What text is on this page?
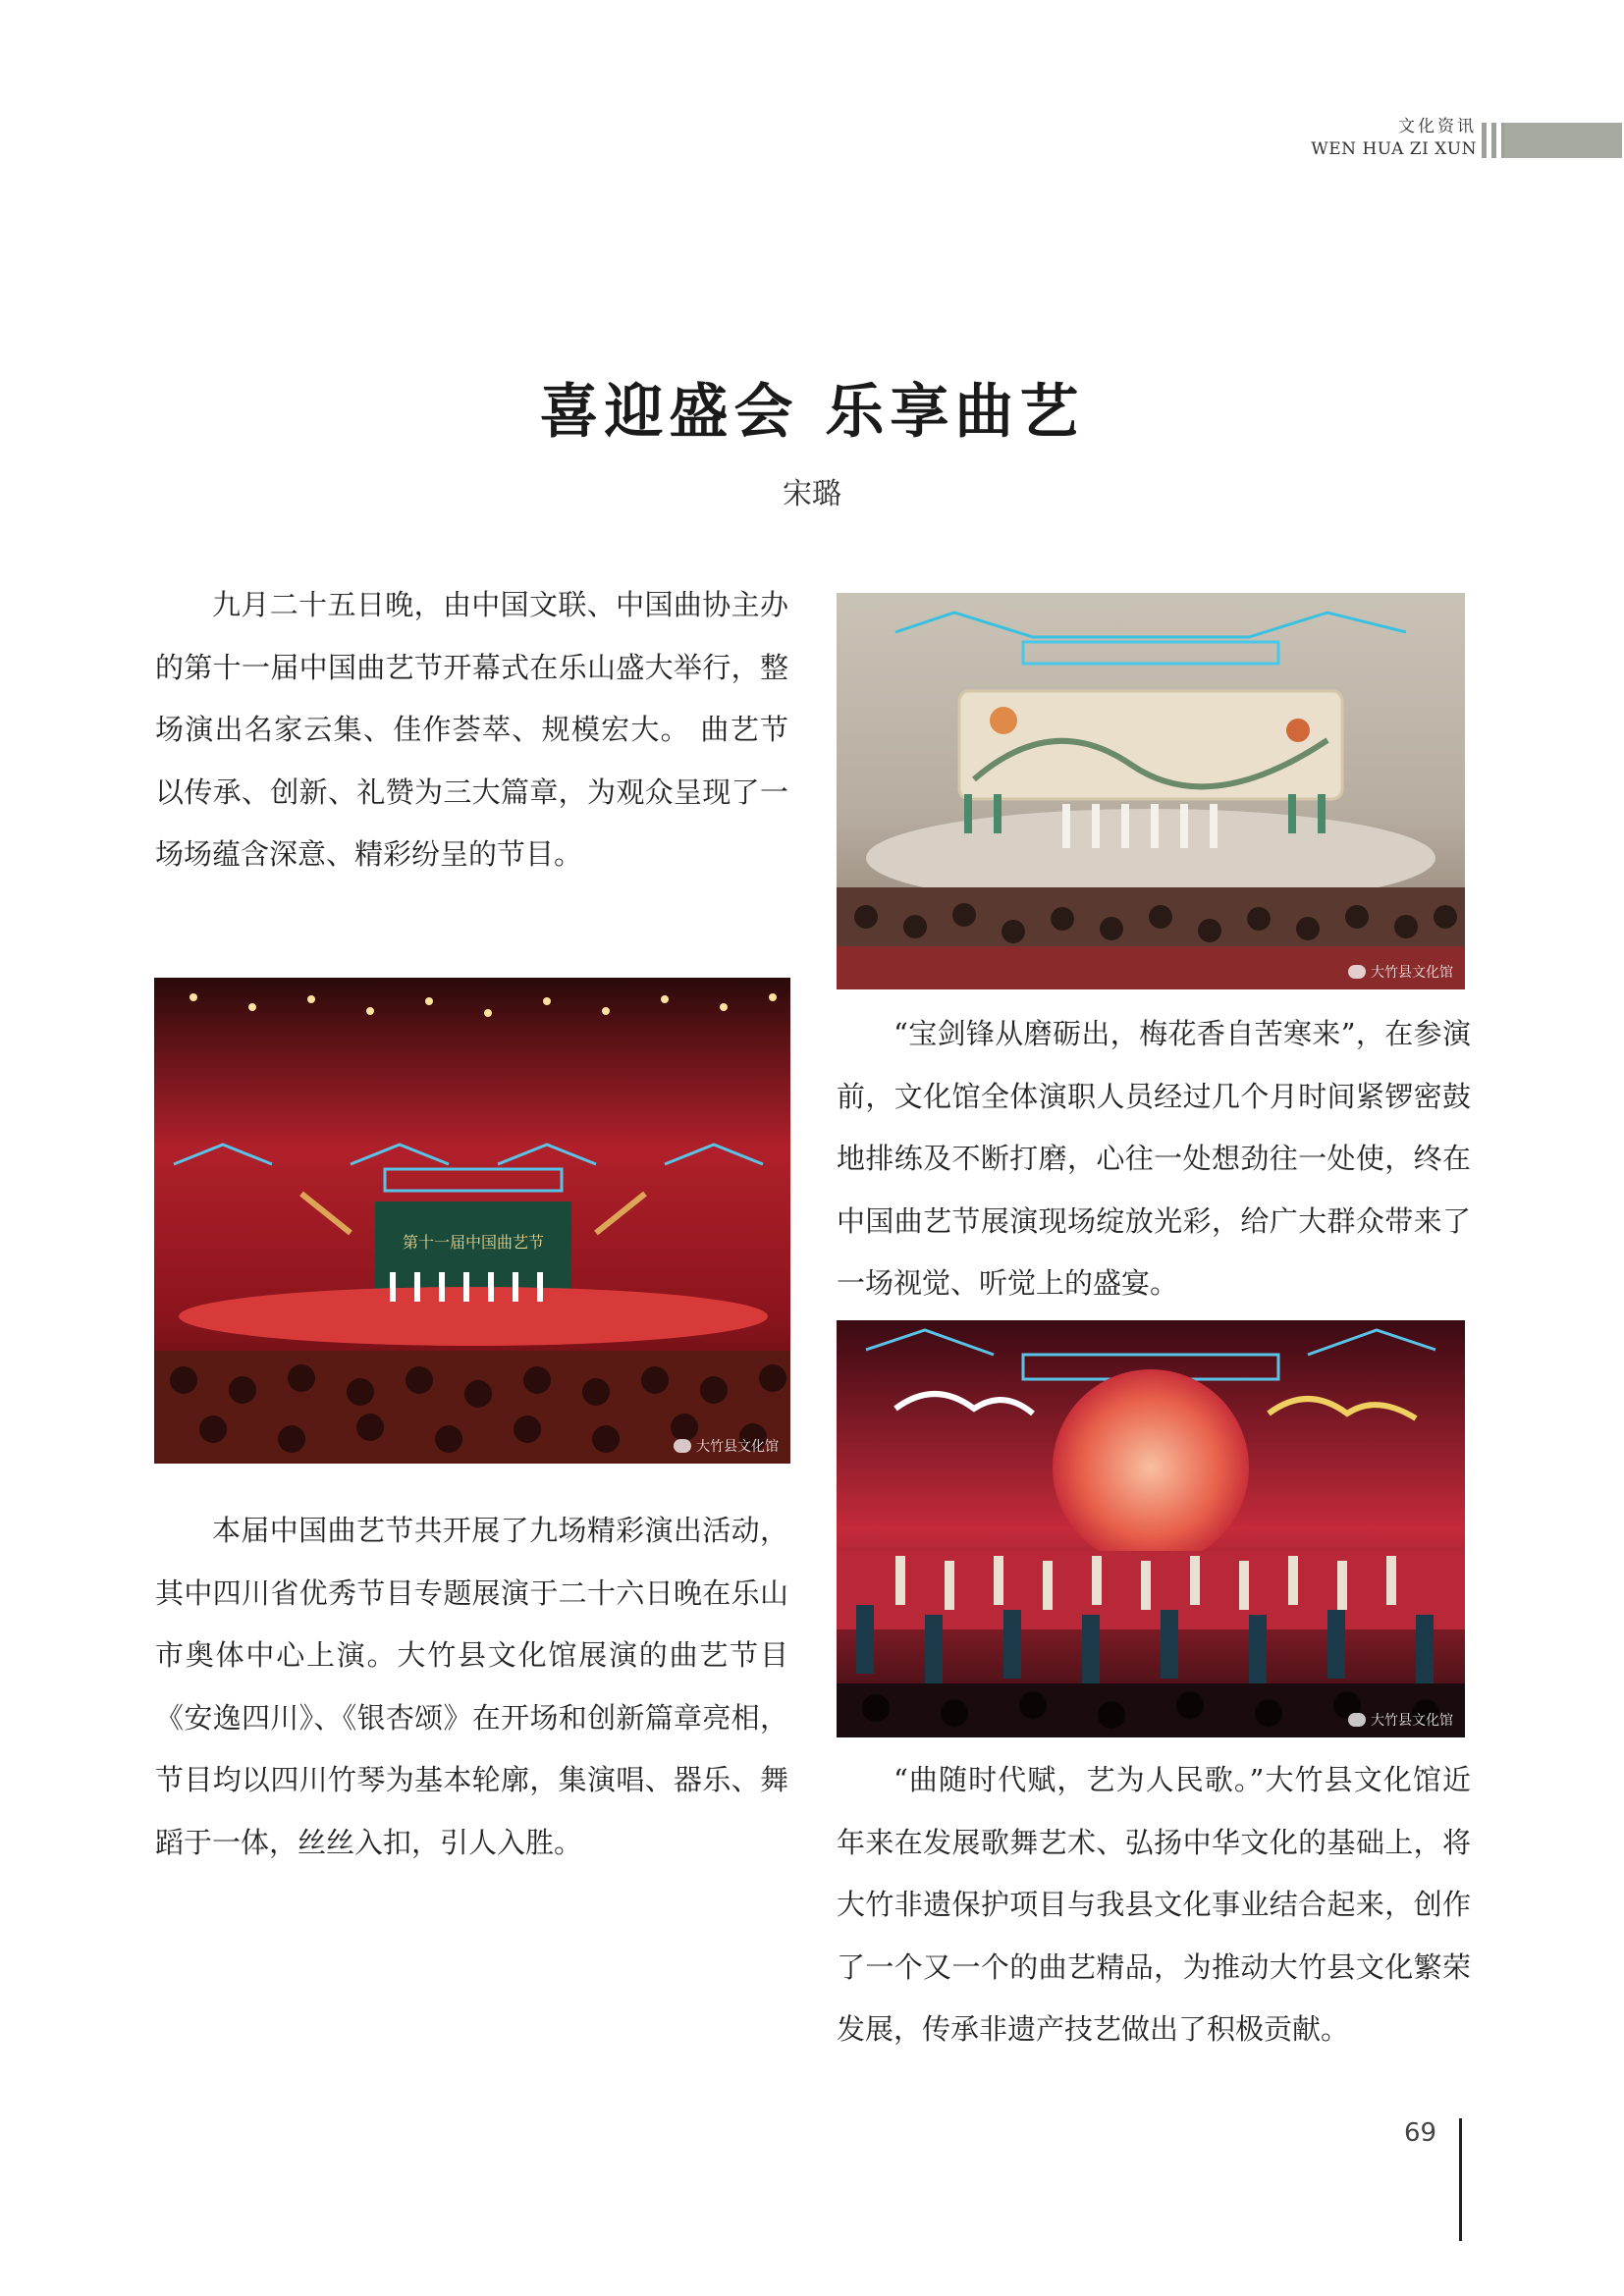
文化资讯
WEN HUA ZI XUN
喜迎盛会 乐享曲艺
宋璐

九月二十五日晚，由中国文联、中国曲协主办的第十一届中国曲艺节开幕式在乐山盛大举行，整场演出名家云集、佳作荟萃、规模宏大。 曲艺节以传承、创新、礼赞为三大篇章，为观众呈现了一场场蕴含深意、精彩纷呈的节目。

本届中国曲艺节共开展了九场精彩演出活动，其中四川省优秀节目专题展演于二十六日晚在乐山市奥体中心上演。大竹县文化馆展演的曲艺节目《安逸四川》、《银杏颂》在开场和创新篇章亮相，节目均以四川竹琴为基本轮廓，集演唱、器乐、舞蹈于一体，丝丝入扣，引人入胜。

“宝剑锋从磨砺出，梅花香自苦寒来”，在参演前，文化馆全体演职人员经过几个月时间紧锣密鼓地排练及不断打磨，心往一处想劲往一处使，终在中国曲艺节展演现场绽放光彩，给广大群众带来了一场视觉、听觉上的盛宴。

“曲随时代赋，艺为人民歌。”大竹县文化馆近年来在发展歌舞艺术、弘扬中华文化的基础上，将大竹非遗保护项目与我县文化事业结合起来，创作了一个又一个的曲艺精品，为推动大竹县文化繁荣发展，传承非遗产技艺做出了积极贡献。

大竹县文化馆
第十一届中国曲艺节
大竹县文化馆
大竹县文化馆
69
